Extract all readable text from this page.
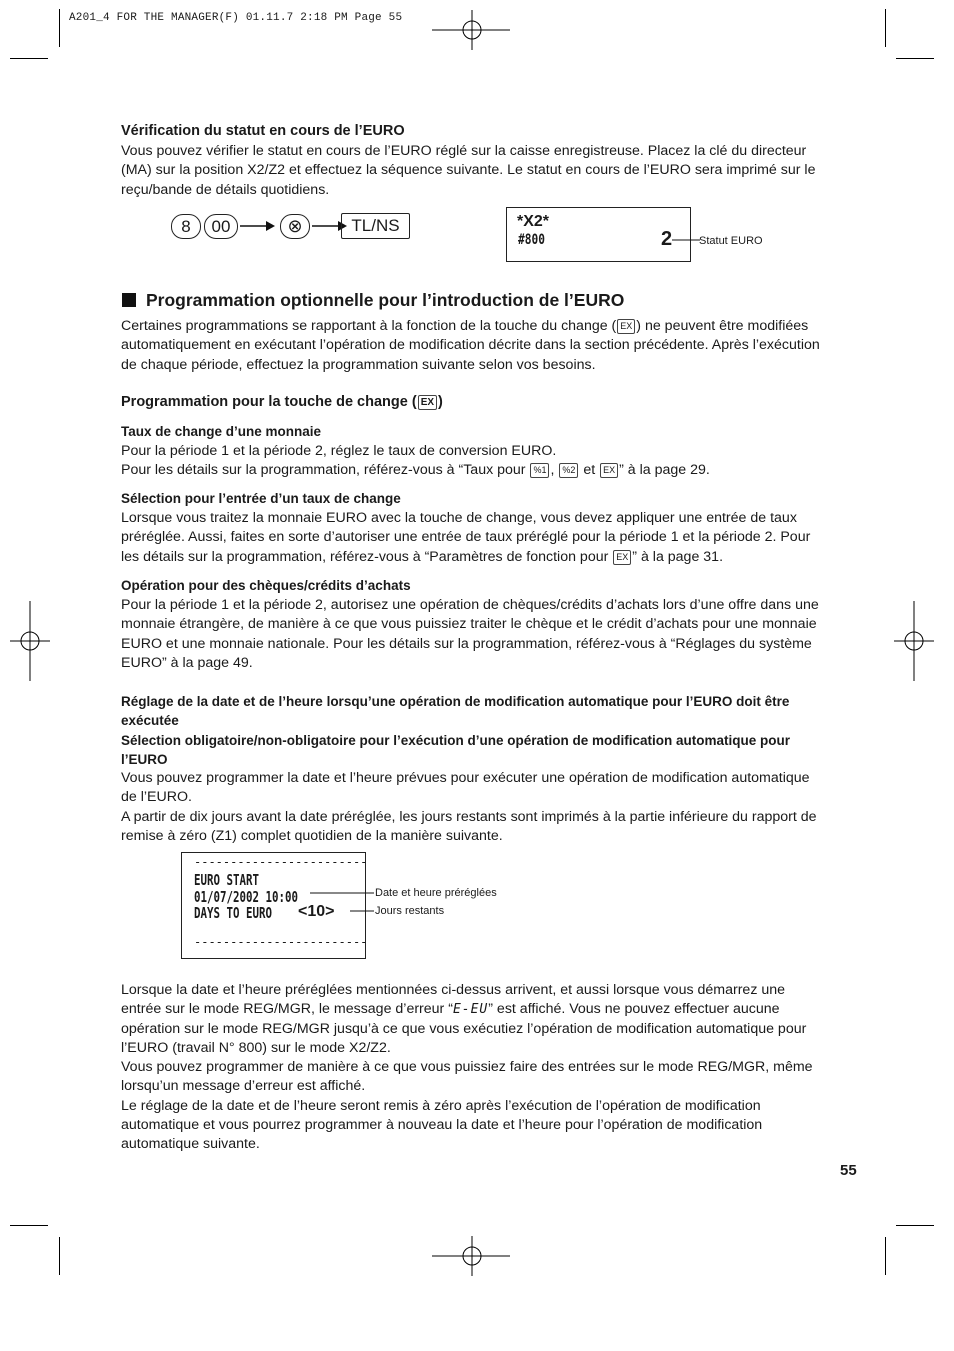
A201_4 FOR THE MANAGER(F) 01.11.7 2:18 PM Page 55
Vérification du statut en cours de l’EURO
Vous pouvez vérifier le statut en cours de l’EURO réglé sur la caisse enregistreuse. Placez la clé du directeur
(MA) sur la position X2/Z2 et effectuez la séquence suivante. Le statut en cours de l’EURO sera imprimé sur le
reçu/bande de détails quotidiens.
8	00	⊗	TL/NS	*X2*
#800	2 Statut EURO
Programmation optionnelle pour l’introduction de l’EURO
Certaines programmations se rapportant à la fonction de la touche du change ( EX ) ne peuvent être modifiées
automatiquement en exécutant l’opération de modification décrite dans la section précédente. Après l’exécution
de chaque période, effectuez la programmation suivante selon vos besoins.
Programmation pour la touche de change ( EX )
Taux de change d’une monnaie
Pour la période 1 et la période 2, réglez le taux de conversion EURO.
Pour les détails sur la programmation, référez-vous à “Taux pour %1 , %2 et EX ” à la page 29.
Sélection pour l’entrée d’un taux de change
Lorsque vous traitez la monnaie EURO avec la touche de change, vous devez appliquer une entrée de taux
préréglée. Aussi, faites en sorte d’autoriser une entrée de taux préréglé pour la période 1 et la période 2. Pour
les détails sur la programmation, référez-vous à “Paramètres de fonction pour EX ” à la page 31.
Opération pour des chèques/crédits d’achats
Pour la période 1 et la période 2, autorisez une opération de chèques/crédits d’achats lors d’une offre dans une
monnaie étrangère, de manière à ce que vous puissiez traiter le chèque et le crédit d’achats pour une monnaie
EURO et une monnaie nationale. Pour les détails sur la programmation, référez-vous à “Réglages du système
EURO” à la page 49.
Réglage de la date et de l’heure lorsqu’une opération de modification automatique pour l’EURO doit être
exécutée
Sélection obligatoire/non-obligatoire pour l’exécution d’une opération de modification automatique pour
l’EURO
Vous pouvez programmer la date et l’heure prévues pour exécuter une opération de modification automatique
de l’EURO.
A partir de dix jours avant la date préréglée, les jours restants sont imprimés à la partie inférieure du rapport de
remise à zéro (Z1) complet quotidien de la manière suivante.
------------------------
EURO START
01/07/2002 10:00
DAYS TO EURO <10>
------------------------
Date et heure préréglées
Jours restants
Lorsque la date et l’heure préréglées mentionnées ci-dessus arrivent, et aussi lorsque vous démarrez une
entrée sur le mode REG/MGR, le message d’erreur “E-EU” est affiché. Vous ne pouvez effectuer aucune
opération sur le mode REG/MGR jusqu’à ce que vous exécutiez l’opération de modification automatique pour
l’EURO (travail N° 800) sur le mode X2/Z2.
Vous pouvez programmer de manière à ce que vous puissiez faire des entrées sur le mode REG/MGR, même
lorsqu’un message d’erreur est affiché.
Le réglage de la date et de l’heure seront remis à zéro après l’exécution de l’opération de modification
automatique et vous pourrez programmer à nouveau la date et l’heure pour l’opération de modification
automatique suivante.
55
